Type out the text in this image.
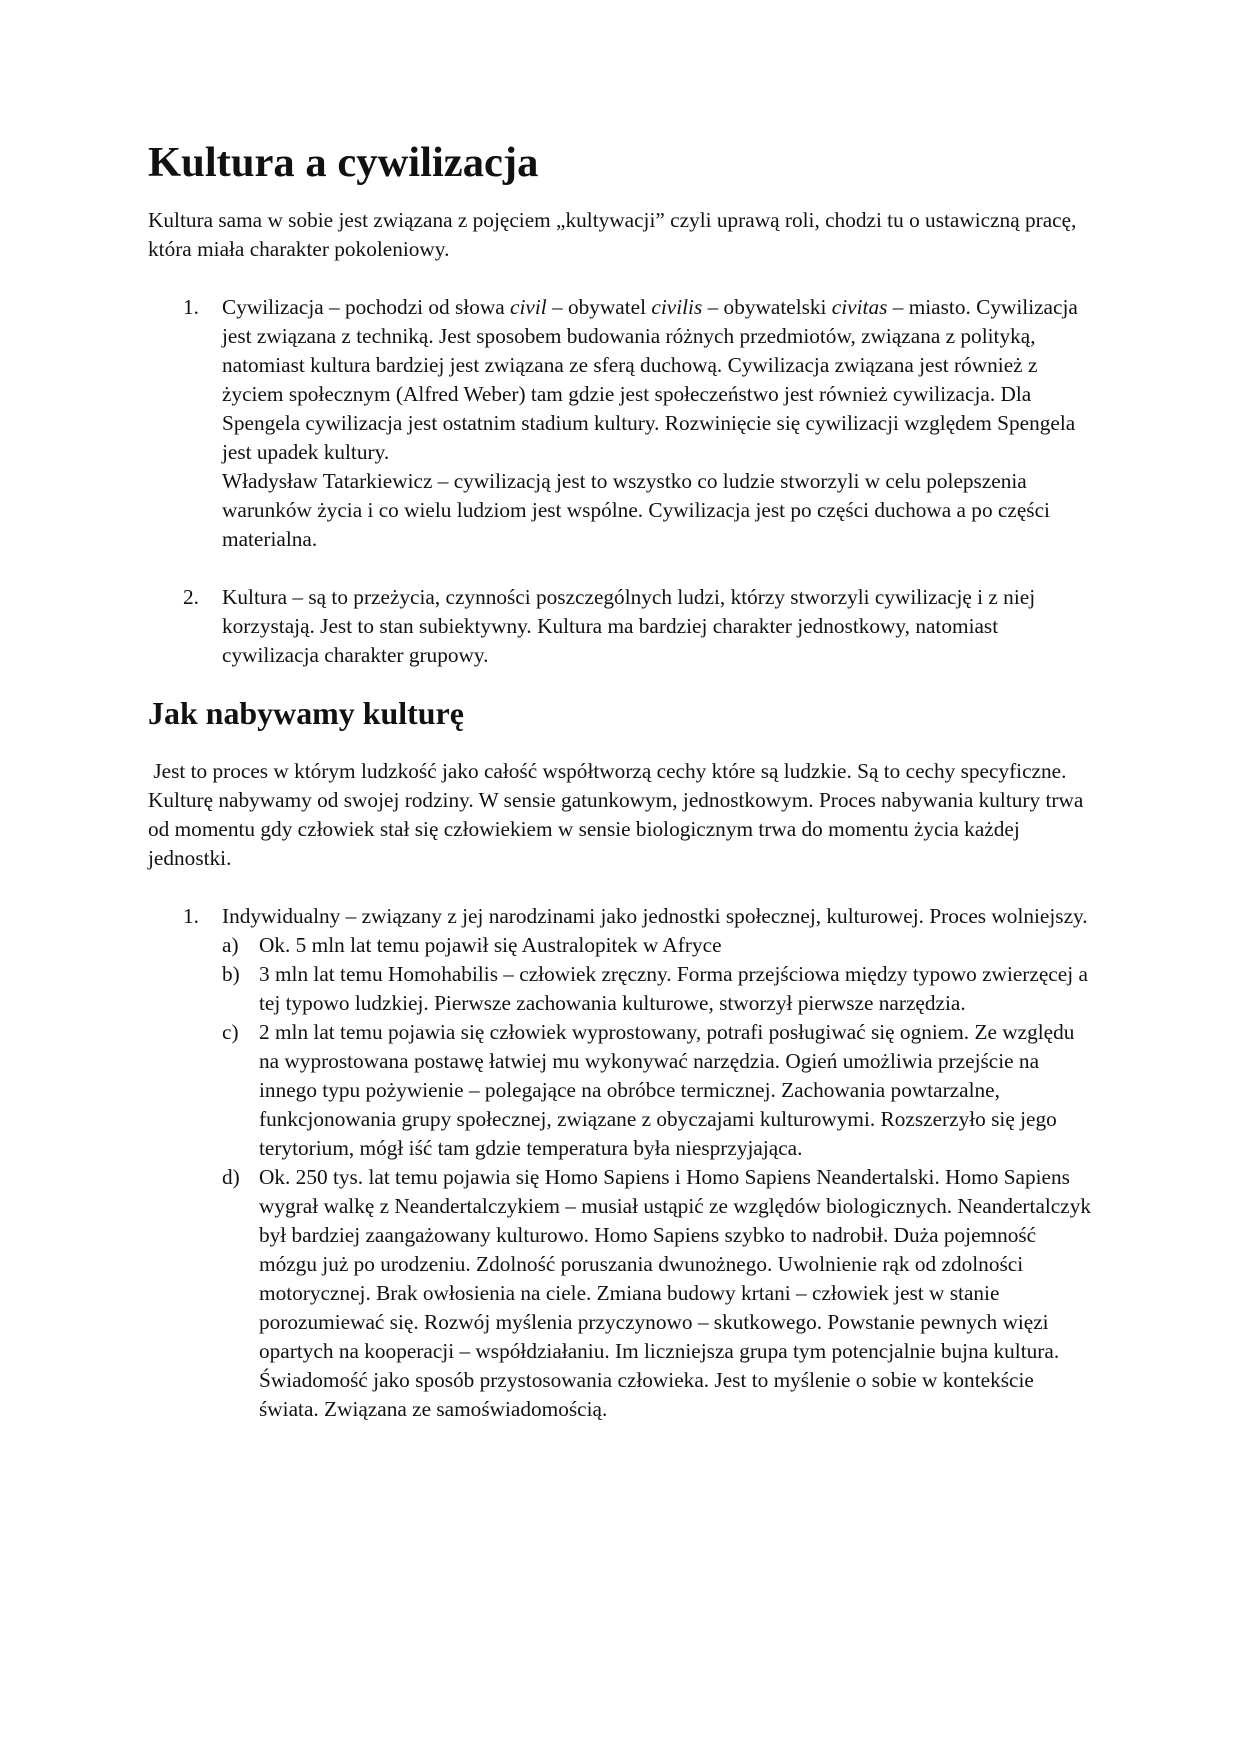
Kultura a cywilizacja

Kultura sama w sobie jest związana z pojęciem „kultywacji” czyli uprawą roli, chodzi tu o ustawiczną pracę, która miała charakter pokoleniowy.

1. Cywilizacja – pochodzi od słowa civil – obywatel civilis – obywatelski civitas – miasto. Cywilizacja jest związana z techniką. Jest sposobem budowania różnych przedmiotów, związana z polityką, natomiast kultura bardziej jest związana ze sferą duchową. Cywilizacja związana jest również z życiem społecznym (Alfred Weber) tam gdzie jest społeczeństwo jest również cywilizacja. Dla Spengela cywilizacja jest ostatnim stadium kultury. Rozwinięcie się cywilizacji względem Spengela jest upadek kultury.
Władysław Tatarkiewicz – cywilizacją jest to wszystko co ludzie stworzyli w celu polepszenia warunków życia i co wielu ludziom jest wspólne. Cywilizacja jest po części duchowa a po części materialna.
2. Kultura – są to przeżycia, czynności poszczególnych ludzi, którzy stworzyli cywilizację i z niej korzystają. Jest to stan subiektywny. Kultura ma bardziej charakter jednostkowy, natomiast cywilizacja charakter grupowy.
Jak nabywamy kulturę

Jest to proces w którym ludzkość jako całość współtworzą cechy które są ludzkie. Są to cechy specyficzne. Kulturę nabywamy od swojej rodziny. W sensie gatunkowym, jednostkowym. Proces nabywania kultury trwa od momentu gdy człowiek stał się człowiekiem w sensie biologicznym trwa do momentu życia każdej jednostki.

1. Indywidualny – związany z jej narodzinami jako jednostki społecznej, kulturowej. Proces wolniejszy.
a) Ok. 5 mln lat temu pojawił się Australopitek w Afryce
b) 3 mln lat temu Homohabilis – człowiek zręczny. Forma przejściowa między typowo zwierzęcej a tej typowo ludzkiej. Pierwsze zachowania kulturowe, stworzył pierwsze narzędzia.
c) 2 mln lat temu pojawia się człowiek wyprostowany, potrafi posługiwać się ogniem. Ze względu na wyprostowana postawę łatwiej mu wykonywać narzędzia. Ogień umożliwia przejście na innego typu pożywienie – polegające na obróbce termicznej. Zachowania powtarzalne, funkcjonowania grupy społecznej, związane z obyczajami kulturowymi. Rozszerzyło się jego terytorium, mógł iść tam gdzie temperatura była niesprzyjająca.
d) Ok. 250 tys. lat temu pojawia się Homo Sapiens i Homo Sapiens Neandertalski. Homo Sapiens wygrał walkę z Neandertalczykiem – musiał ustąpić ze względów biologicznych. Neandertalczyk był bardziej zaangażowany kulturowo. Homo Sapiens szybko to nadrobił. Duża pojemność mózgu już po urodzeniu. Zdolność poruszania dwunożnego. Uwolnienie rąk od zdolności motorycznej. Brak owłosienia na ciele. Zmiana budowy krtani – człowiek jest w stanie porozumiewać się. Rozwój myślenia przyczynowo – skutkowego. Powstanie pewnych więzi opartych na kooperacji – współdziałaniu. Im liczniejsza grupa tym potencjalnie bujna kultura. Świadomość jako sposób przystosowania człowieka. Jest to myślenie o sobie w kontekście świata. Związana ze samoświadomością.
